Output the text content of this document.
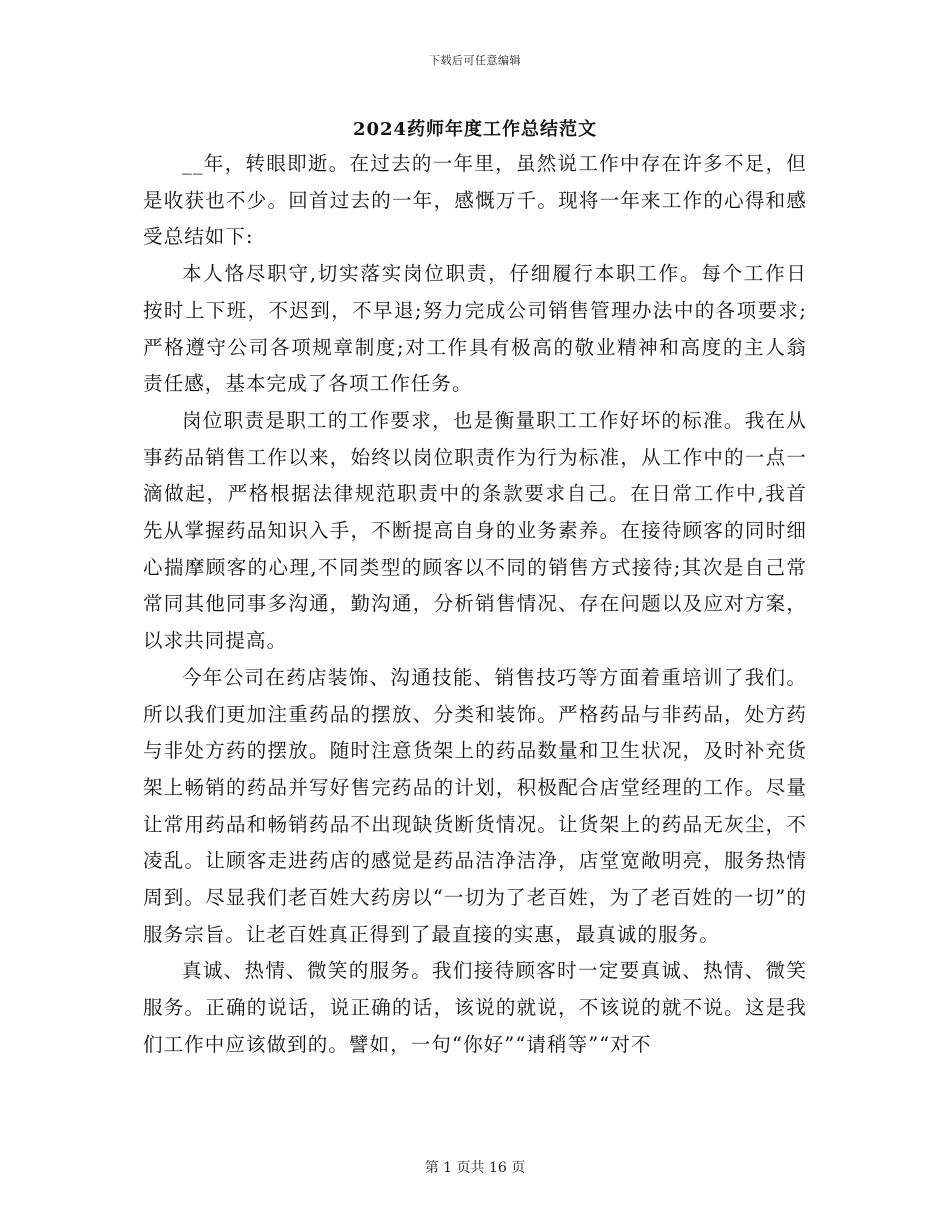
下载后可任意编辑
2024药师年度工作总结范文

__年，转眼即逝。在过去的一年里，虽然说工作中存在许多不足，但是收获也不少。回首过去的一年，感慨万千。现将一年来工作的心得和感受总结如下:

本人恪尽职守,切实落实岗位职责，仔细履行本职工作。每个工作日按时上下班，不迟到，不早退;努力完成公司销售管理办法中的各项要求;严格遵守公司各项规章制度;对工作具有极高的敬业精神和高度的主人翁责任感，基本完成了各项工作任务。

岗位职责是职工的工作要求，也是衡量职工工作好坏的标准。我在从事药品销售工作以来，始终以岗位职责作为行为标准，从工作中的一点一滴做起，严格根据法律规范职责中的条款要求自己。在日常工作中,我首先从掌握药品知识入手，不断提高自身的业务素养。在接待顾客的同时细心揣摩顾客的心理,不同类型的顾客以不同的销售方式接待;其次是自己常常同其他同事多沟通，勤沟通，分析销售情况、存在问题以及应对方案，以求共同提高。

今年公司在药店装饰、沟通技能、销售技巧等方面着重培训了我们。所以我们更加注重药品的摆放、分类和装饰。严格药品与非药品，处方药与非处方药的摆放。随时注意货架上的药品数量和卫生状况，及时补充货架上畅销的药品并写好售完药品的计划，积极配合店堂经理的工作。尽量让常用药品和畅销药品不出现缺货断货情况。让货架上的药品无灰尘，不凌乱。让顾客走进药店的感觉是药品洁净洁净，店堂宽敞明亮，服务热情周到。尽显我们老百姓大药房以“一切为了老百姓，为了老百姓的一切”的服务宗旨。让老百姓真正得到了最直接的实惠，最真诚的服务。

真诚、热情、微笑的服务。我们接待顾客时一定要真诚、热情、微笑服务。正确的说话，说正确的话，该说的就说，不该说的就不说。这是我们工作中应该做到的。譬如，一句“你好”“请稍等”“对不

第 1 页共 16 页
